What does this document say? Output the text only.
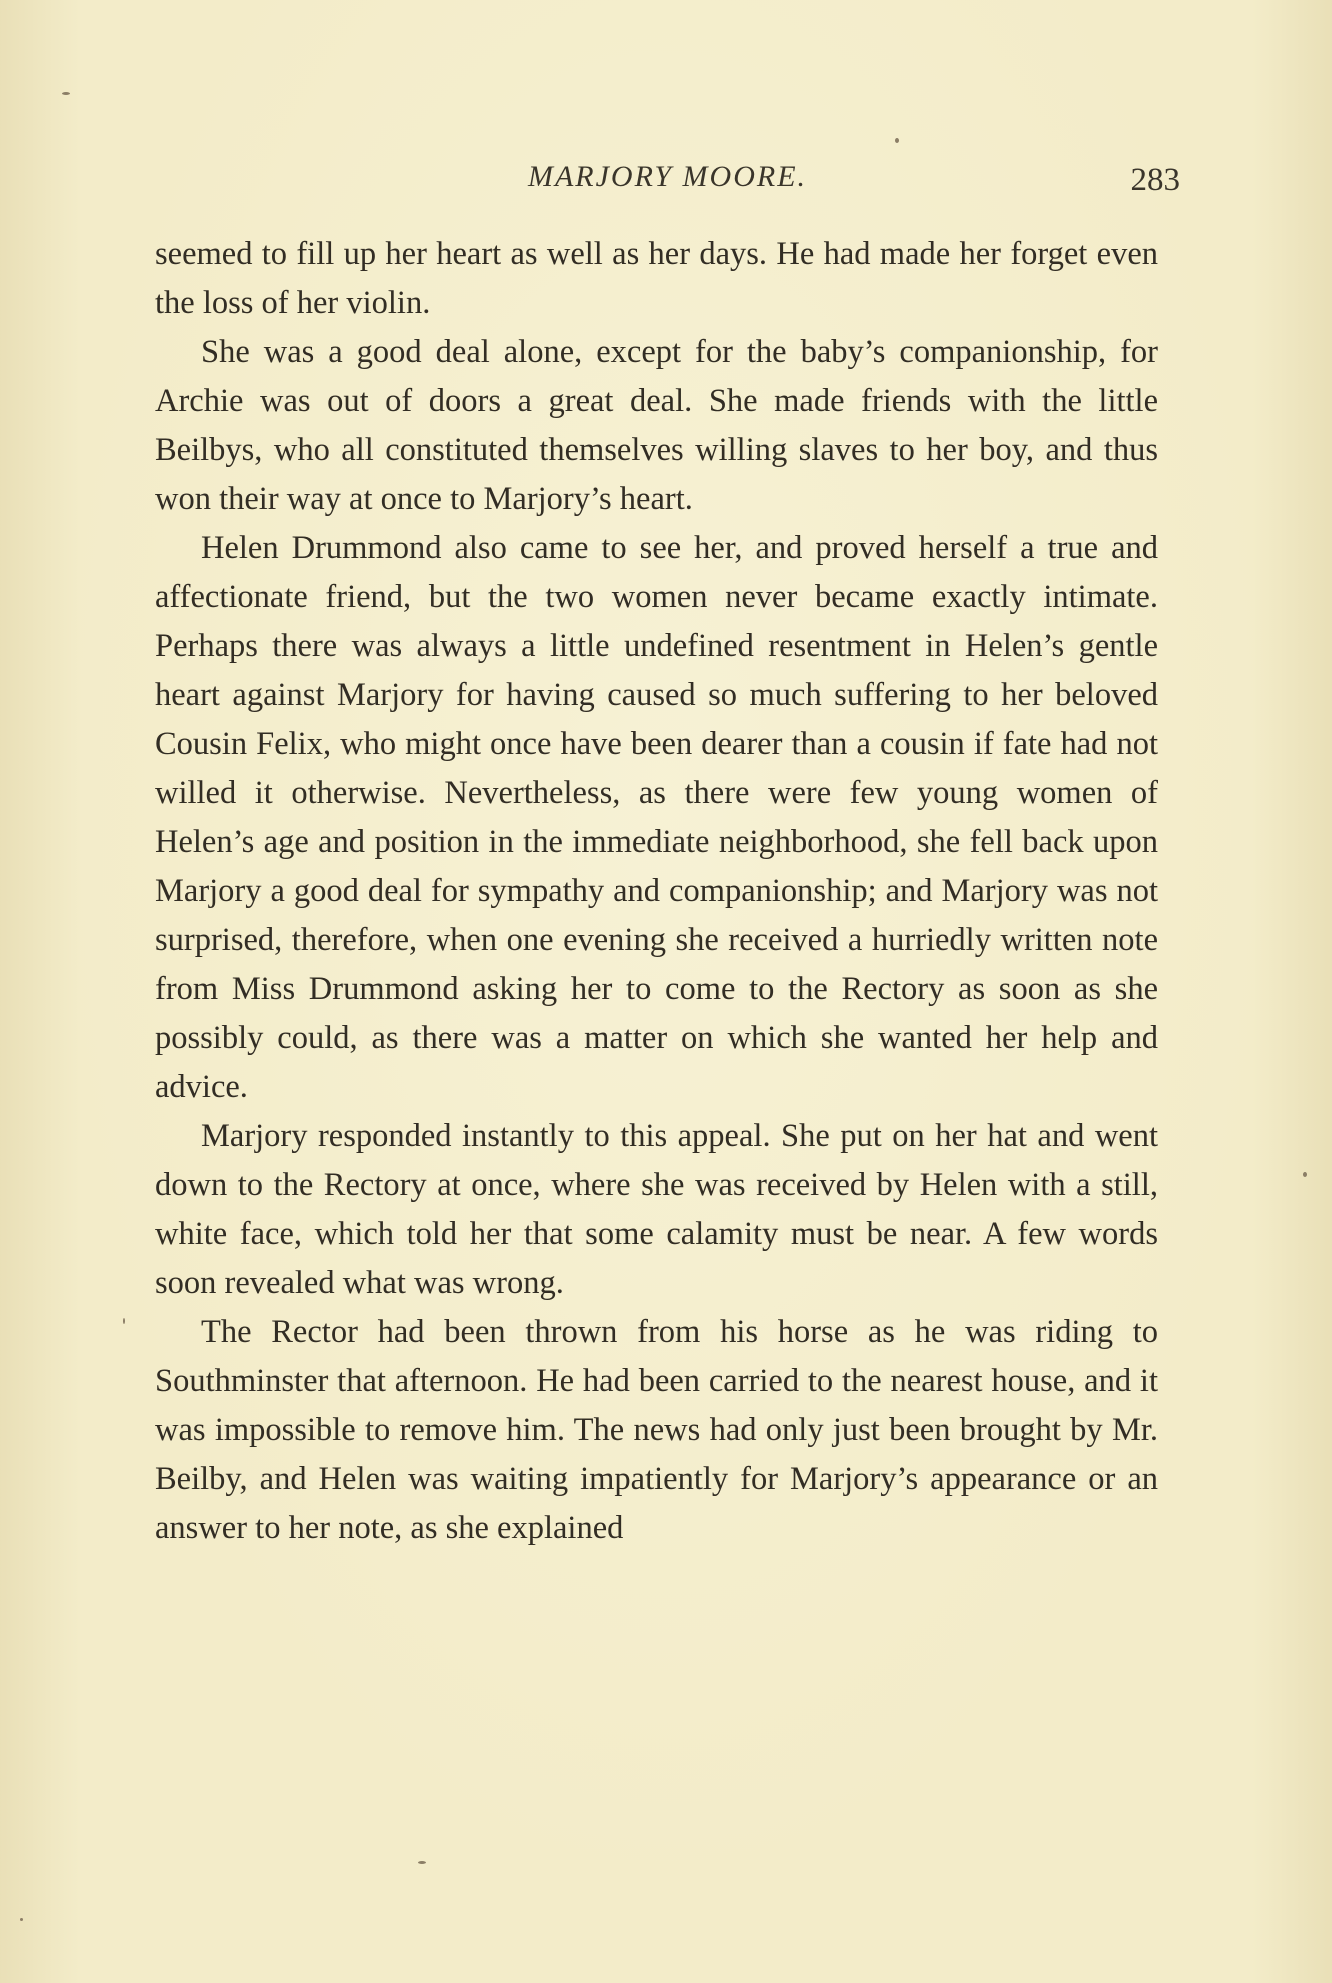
MARJORY MOORE.	283

seemed to fill up her heart as well as her days. He had made her forget even the loss of her violin.

She was a good deal alone, except for the baby’s companionship, for Archie was out of doors a great deal. She made friends with the little Beilbys, who all constituted themselves willing slaves to her boy, and thus won their way at once to Marjory’s heart.

Helen Drummond also came to see her, and proved herself a true and affectionate friend, but the two women never became exactly intimate. Perhaps there was always a little undefined resentment in Helen’s gentle heart against Marjory for having caused so much suffering to her beloved Cousin Felix, who might once have been dearer than a cousin if fate had not willed it otherwise. Nevertheless, as there were few young women of Helen’s age and position in the immediate neighborhood, she fell back upon Marjory a good deal for sympathy and companionship; and Marjory was not surprised, therefore, when one evening she received a hurriedly written note from Miss Drummond asking her to come to the Rectory as soon as she possibly could, as there was a matter on which she wanted her help and advice.

Marjory responded instantly to this appeal. She put on her hat and went down to the Rectory at once, where she was received by Helen with a still, white face, which told her that some calamity must be near. A few words soon revealed what was wrong.

The Rector had been thrown from his horse as he was riding to Southminster that afternoon. He had been carried to the nearest house, and it was impossible to remove him. The news had only just been brought by Mr. Beilby, and Helen was waiting impatiently for Marjory’s appearance or an answer to her note, as she explained
